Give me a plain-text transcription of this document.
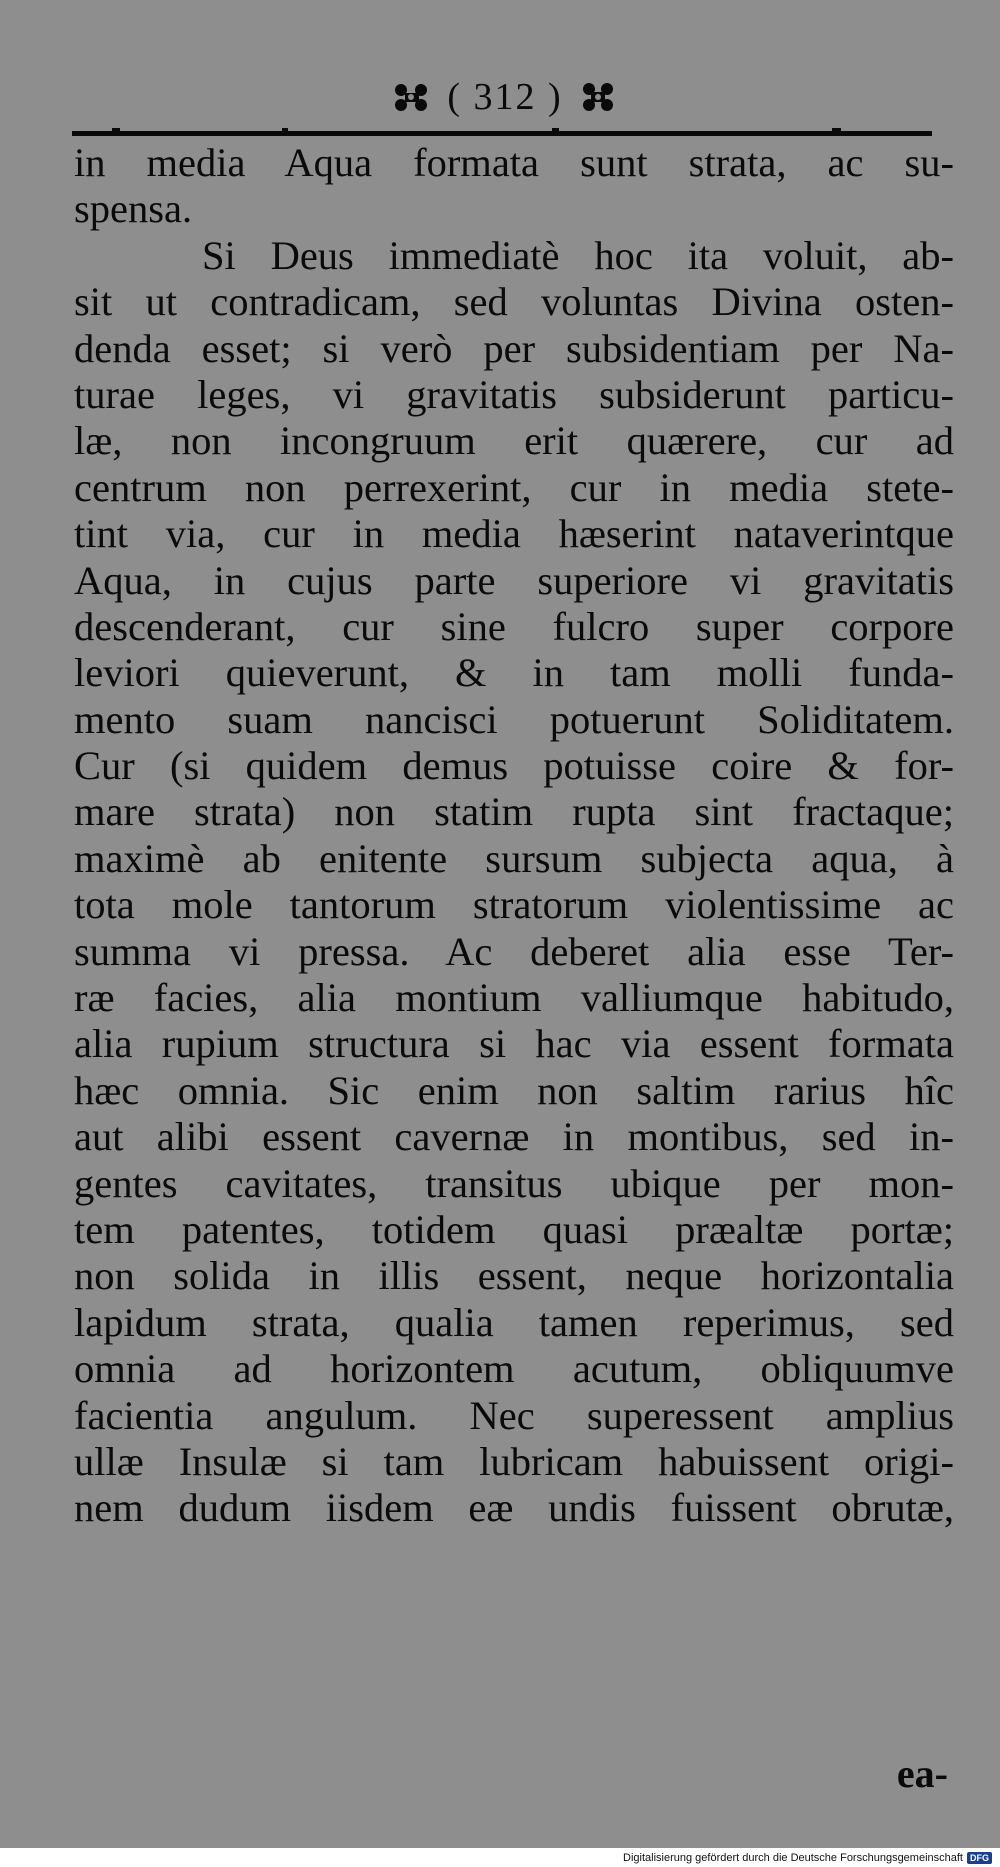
( 312 )
in media Aqua formata sunt strata, ac su-
spensa.
Si Deus immediatè hoc ita voluit, ab-
sit ut contradicam, sed voluntas Divina osten-
denda esset; si verò per subsidentiam per Na-
turae leges, vi gravitatis subsiderunt particu-
læ, non incongruum erit quærere, cur ad
centrum non perrexerint, cur in media stete-
tint via, cur in media hæserint nataverintque
Aqua, in cujus parte superiore vi gravitatis
descenderant, cur sine fulcro super corpore
leviori quieverunt, & in tam molli funda-
mento suam nancisci potuerunt Soliditatem.
Cur (si quidem demus potuisse coire & for-
mare strata) non statim rupta sint fractaque;
maximè ab enitente sursum subjecta aqua, à
tota mole tantorum stratorum violentissime ac
summa vi pressa. Ac deberet alia esse Ter-
ræ facies, alia montium valliumque habitudo,
alia rupium structura si hac via essent formata
hæc omnia. Sic enim non saltim rarius hîc
aut alibi essent cavernæ in montibus, sed in-
gentes cavitates, transitus ubique per mon-
tem patentes, totidem quasi præaltæ portæ;
non solida in illis essent, neque horizontalia
lapidum strata, qualia tamen reperimus, sed
omnia ad horizontem acutum, obliquumve
facientia angulum. Nec superessent amplius
ullæ Insulæ si tam lubricam habuissent origi-
nem dudum iisdem eæ undis fuissent obrutæ,
ea-
Digitalisierung gefördert durch die Deutsche Forschungsgemeinschaft DFG
